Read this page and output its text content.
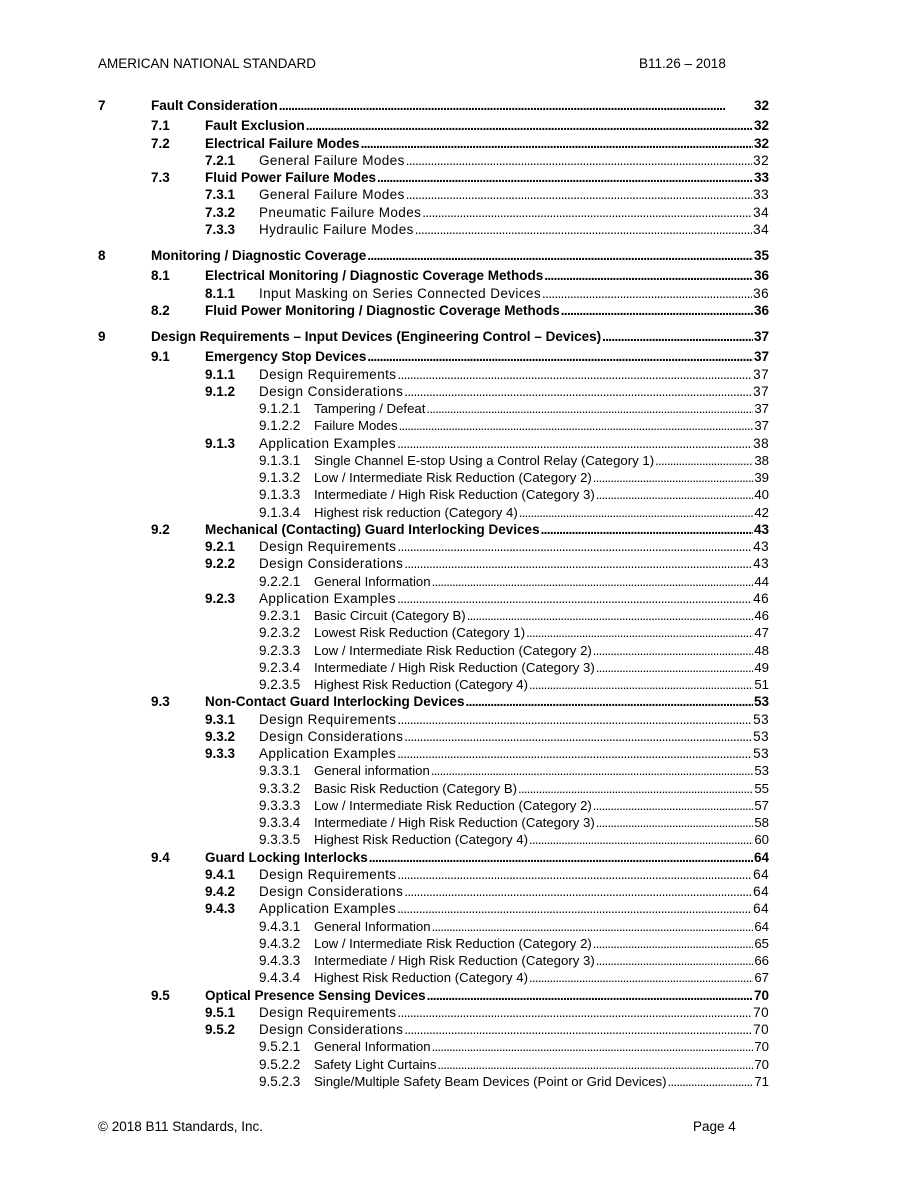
AMERICAN NATIONAL STANDARD	B11.26 – 2018
7	Fault Consideration . . .	32
7.1	Fault Exclusion . . .	32
7.2	Electrical Failure Modes . . .	32
7.2.1 General Failure Modes . . .	32
7.3	Fluid Power Failure Modes . . .	33
7.3.1 General Failure Modes . . .	33
7.3.2 Pneumatic Failure Modes . . .	34
7.3.3 Hydraulic Failure Modes . . .	34
8	Monitoring / Diagnostic Coverage . . .	35
8.1	Electrical Monitoring / Diagnostic Coverage Methods . . .	36
8.1.1 Input Masking on Series Connected Devices . . .	36
8.2	Fluid Power Monitoring / Diagnostic Coverage Methods . . .	36
9	Design Requirements – Input Devices (Engineering Control – Devices) . . .	37
9.1	Emergency Stop Devices . . .	37
9.1.1 Design Requirements . . .	37
9.1.2 Design Considerations . . .	37
9.1.2.1 Tampering / Defeat . . .	37
9.1.2.2 Failure Modes . . .	37
9.1.3 Application Examples . . .	38
9.1.3.1 Single Channel E-stop Using a Control Relay (Category 1) . . .	38
9.1.3.2 Low / Intermediate Risk Reduction (Category 2) . . .	39
9.1.3.3 Intermediate / High Risk Reduction (Category 3) . . .	40
9.1.3.4 Highest risk reduction (Category 4) . . .	42
9.2	Mechanical (Contacting) Guard Interlocking Devices . . .	43
9.2.1 Design Requirements . . .	43
9.2.2 Design Considerations . . .	43
9.2.2.1 General Information . . .	44
9.2.3 Application Examples . . .	46
9.2.3.1 Basic Circuit (Category B) . . .	46
9.2.3.2 Lowest Risk Reduction (Category 1) . . .	47
9.2.3.3 Low / Intermediate Risk Reduction (Category 2) . . .	48
9.2.3.4 Intermediate / High Risk Reduction (Category 3) . . .	49
9.2.3.5 Highest Risk Reduction (Category 4) . . .	51
9.3	Non-Contact Guard Interlocking Devices . . .	53
9.3.1 Design Requirements . . .	53
9.3.2 Design Considerations . . .	53
9.3.3 Application Examples . . .	53
9.3.3.1 General information . . .	53
9.3.3.2 Basic Risk Reduction (Category B) . . .	55
9.3.3.3 Low / Intermediate Risk Reduction (Category 2) . . .	57
9.3.3.4 Intermediate / High Risk Reduction (Category 3) . . .	58
9.3.3.5 Highest Risk Reduction (Category 4) . . .	60
9.4	Guard Locking Interlocks . . .	64
9.4.1 Design Requirements . . .	64
9.4.2 Design Considerations . . .	64
9.4.3 Application Examples . . .	64
9.4.3.1 General Information . . .	64
9.4.3.2 Low / Intermediate Risk Reduction (Category 2) . . .	65
9.4.3.3 Intermediate / High Risk Reduction (Category 3) . . .	66
9.4.3.4 Highest Risk Reduction (Category 4) . . .	67
9.5	Optical Presence Sensing Devices . . .	70
9.5.1 Design Requirements . . .	70
9.5.2 Design Considerations . . .	70
9.5.2.1 General Information . . .	70
9.5.2.2 Safety Light Curtains . . .	70
9.5.2.3 Single/Multiple Safety Beam Devices (Point or Grid Devices) . . .	71
© 2018 B11 Standards, Inc.	Page 4
